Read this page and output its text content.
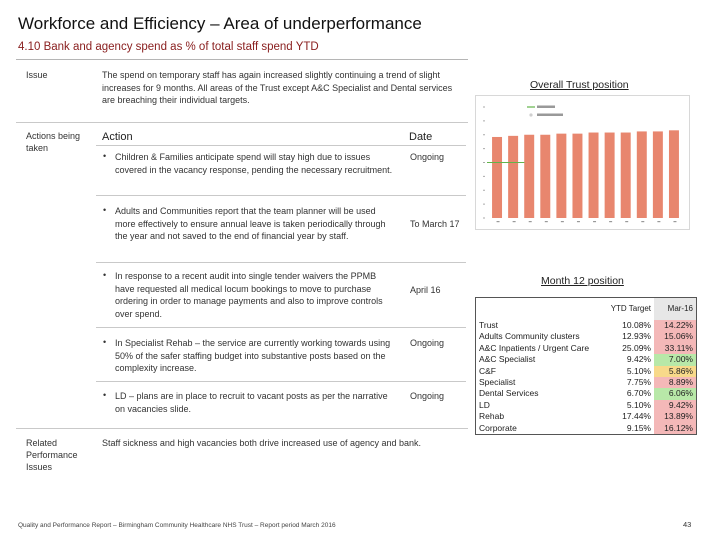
Workforce and Efficiency – Area of underperformance
4.10 Bank and agency spend as % of total staff spend YTD
Issue	The spend on temporary staff has again increased slightly continuing a trend of slight increases for 9 months. All areas of the Trust except A&C Specialist and Dental services are breaching their individual targets.
Actions being taken
Action	Date
• Children & Families anticipate spend will stay high due to issues covered in the vacancy response, pending the necessary recruitment.
Ongoing
• Adults and Communities report that the team planner will be used more effectively to ensure annual leave is taken periodically through the year and not saved to the end of financial year by staff.
To March 17
• In response to a recent audit into single tender waivers the PPMB have requested all medical locum bookings to move to purchase ordering in order to manage payments and also to improve controls over spend.
April 16
• In Specialist Rehab – the service are currently working towards using 50% of the safer staffing budget into substantive posts based on the complexity increase.
Ongoing
• LD – plans are in place to recruit to vacant posts as per the narrative on vacancies slide.
Ongoing
Related Performance Issues
Staff sickness and high vacancies both drive increased use of agency and bank.
Overall Trust position
Month 12 position
	YTD Target	Mar-16
Trust	10.08%	14.22%
Adults Community clusters	12.93%	15.06%
A&C Inpatients / Urgent Care	25.09%	33.11%
A&C Specialist	9.42%	7.00%
C&F	5.10%	5.86%
Specialist	7.75%	8.89%
Dental Services	6.70%	6.06%
LD	5.10%	9.42%
Rehab	17.44%	13.89%
Corporate	9.15%	16.12%
Quality and Performance Report – Birmingham Community Healthcare NHS Trust – Report period March 2016	43
